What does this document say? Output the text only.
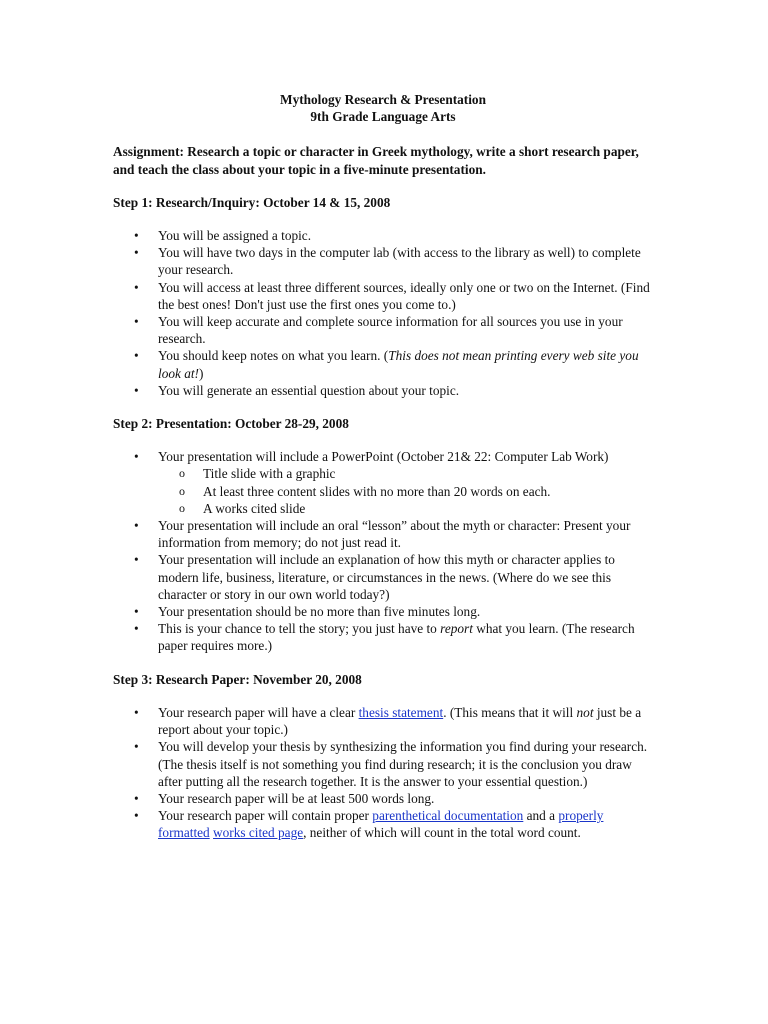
Mythology Research & Presentation

9th Grade Language Arts

Assignment: Research a topic or character in Greek mythology, write a short research paper, and teach the class about your topic in a five-minute presentation.

Step 1: Research/Inquiry: October 14 & 15, 2008

• You will be assigned a topic.
• You will have two days in the computer lab (with access to the library as well) to complete your research.
• You will access at least three different sources, ideally only one or two on the Internet. (Find the best ones! Don't just use the first ones you come to.)
• You will keep accurate and complete source information for all sources you use in your research.
• You should keep notes on what you learn. (This does not mean printing every web site you look at!)
• You will generate an essential question about your topic.

Step 2: Presentation: October 28-29, 2008

• Your presentation will include a PowerPoint (October 21& 22: Computer Lab Work)
o Title slide with a graphic
o At least three content slides with no more than 20 words on each.
o A works cited slide
• Your presentation will include an oral “lesson” about the myth or character: Present your information from memory; do not just read it.
• Your presentation will include an explanation of how this myth or character applies to modern life, business, literature, or circumstances in the news. (Where do we see this character or story in our own world today?)
• Your presentation should be no more than five minutes long.
• This is your chance to tell the story; you just have to report what you learn. (The research paper requires more.)

Step 3: Research Paper: November 20, 2008

• Your research paper will have a clear thesis statement. (This means that it will not just be a report about your topic.)
• You will develop your thesis by synthesizing the information you find during your research. (The thesis itself is not something you find during research; it is the conclusion you draw after putting all the research together. It is the answer to your essential question.)
• Your research paper will be at least 500 words long.
• Your research paper will contain proper parenthetical documentation and a properly formatted works cited page, neither of which will count in the total word count.
